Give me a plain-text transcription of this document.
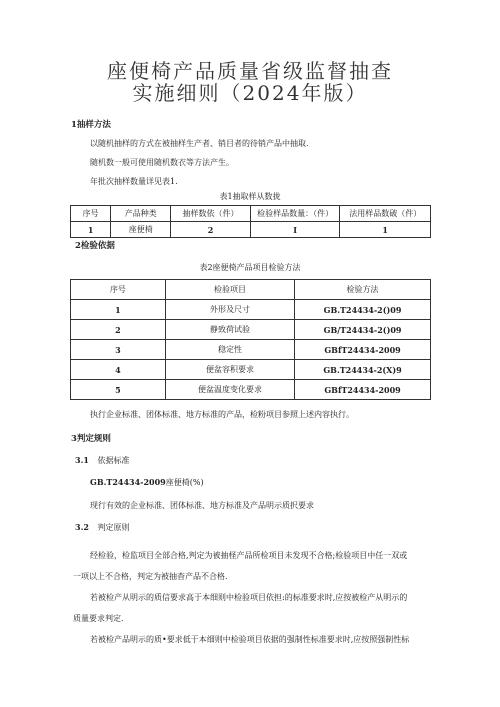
座便椅产品质量省级监督抽查
实施细则（2024年版）
1抽样方法
以随机抽样的方式在被抽样生产者、销目者的待销产品中抽取.
随机数一般可使用随机数衣等方法产生。
年批次抽样数量详见表1.
表1抽取样从数拢
序号	产品种类	抽样数依（件）	检验样品数量：（件）	法用样品数破（件）
1	座便椅	2	I	1
2检验依据
表2座便椅产品项目检验方法
序号	检验项目	检验方法
1	外形及尺寸	GB.T24434-2()09
2	静致荷试验	GB/T24434-2()09
3	稳定性	GBfT24434-2009
4	便盆容积要求	GB.T24434-2(X)9
5	便盆温度变化要求	GBfT24434-2009
执行企业标准、团体标准、地方标准的产品，检粉项目参照上述内容执行。
3判定规则
3.1 依据标准
GB.T24434-2009座便椅(%)
现行有效的企业标准、团体标准、地方标准及产品明示质択要求
3.2 判定原则
经检验，检监项目全部合格,判定为被抽柽产品所检项目未发现不合格;检验项目中任一双或
一项以上不合格，判定为被抽杳产品不合格.
若被检产从明示的质信要求高于本细则中检验项目依担:的标准要求时,应按被检产从明示的
质量要求判定.
若被检产品明示的质•要求低于本细则中检验项目依据的强制性标准要求时,应按照强制性标
